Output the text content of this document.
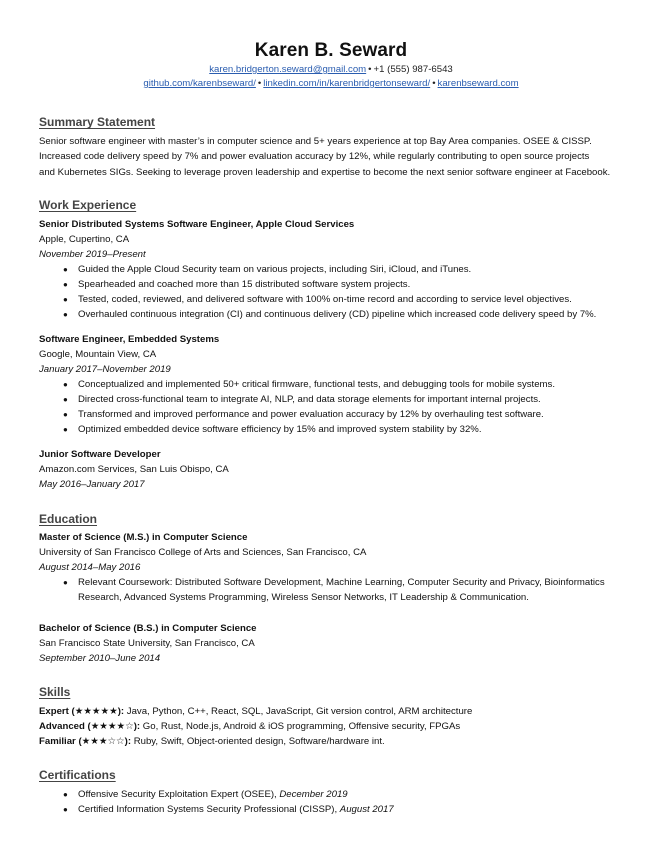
Karen B. Seward
karen.bridgerton.seward@gmail.com • +1 (555) 987-6543
github.com/karenbseward/ • linkedin.com/in/karenbridgertonseward/ • karenbseward.com
Summary Statement
Senior software engineer with master’s in computer science and 5+ years experience at top Bay Area companies. OSEE & CISSP.
Increased code delivery speed by 7% and power evaluation accuracy by 12%, while regularly contributing to open source projects
and Kubernetes SIGs. Seeking to leverage proven leadership and expertise to become the next senior software engineer at Facebook.
Work Experience
Senior Distributed Systems Software Engineer, Apple Cloud Services
Apple, Cupertino, CA
November 2019–Present
● Guided the Apple Cloud Security team on various projects, including Siri, iCloud, and iTunes.
● Spearheaded and coached more than 15 distributed software system projects.
● Tested, coded, reviewed, and delivered software with 100% on-time record and according to service level objectives.
● Overhauled continuous integration (CI) and continuous delivery (CD) pipeline which increased code delivery speed by 7%.
Software Engineer, Embedded Systems
Google, Mountain View, CA
January 2017–November 2019
● Conceptualized and implemented 50+ critical firmware, functional tests, and debugging tools for mobile systems.
● Directed cross-functional team to integrate AI, NLP, and data storage elements for important internal projects.
● Transformed and improved performance and power evaluation accuracy by 12% by overhauling test software.
● Optimized embedded device software efficiency by 15% and improved system stability by 32%.
Junior Software Developer
Amazon.com Services, San Luis Obispo, CA
May 2016–January 2017
Education
Master of Science (M.S.) in Computer Science
University of San Francisco College of Arts and Sciences, San Francisco, CA
August 2014–May 2016
● Relevant Coursework: Distributed Software Development, Machine Learning, Computer Security and Privacy, Bioinformatics
Research, Advanced Systems Programming, Wireless Sensor Networks, IT Leadership & Communication.
Bachelor of Science (B.S.) in Computer Science
San Francisco State University, San Francisco, CA
September 2010–June 2014
Skills
Expert (★★★★★): Java, Python, C++, React, SQL, JavaScript, Git version control, ARM architecture
Advanced (★★★★☆): Go, Rust, Node.js, Android & iOS programming, Offensive security, FPGAs
Familiar (★★★☆☆): Ruby, Swift, Object-oriented design, Software/hardware int.
Certifications
● Offensive Security Exploitation Expert (OSEE), December 2019
● Certified Information Systems Security Professional (CISSP), August 2017
